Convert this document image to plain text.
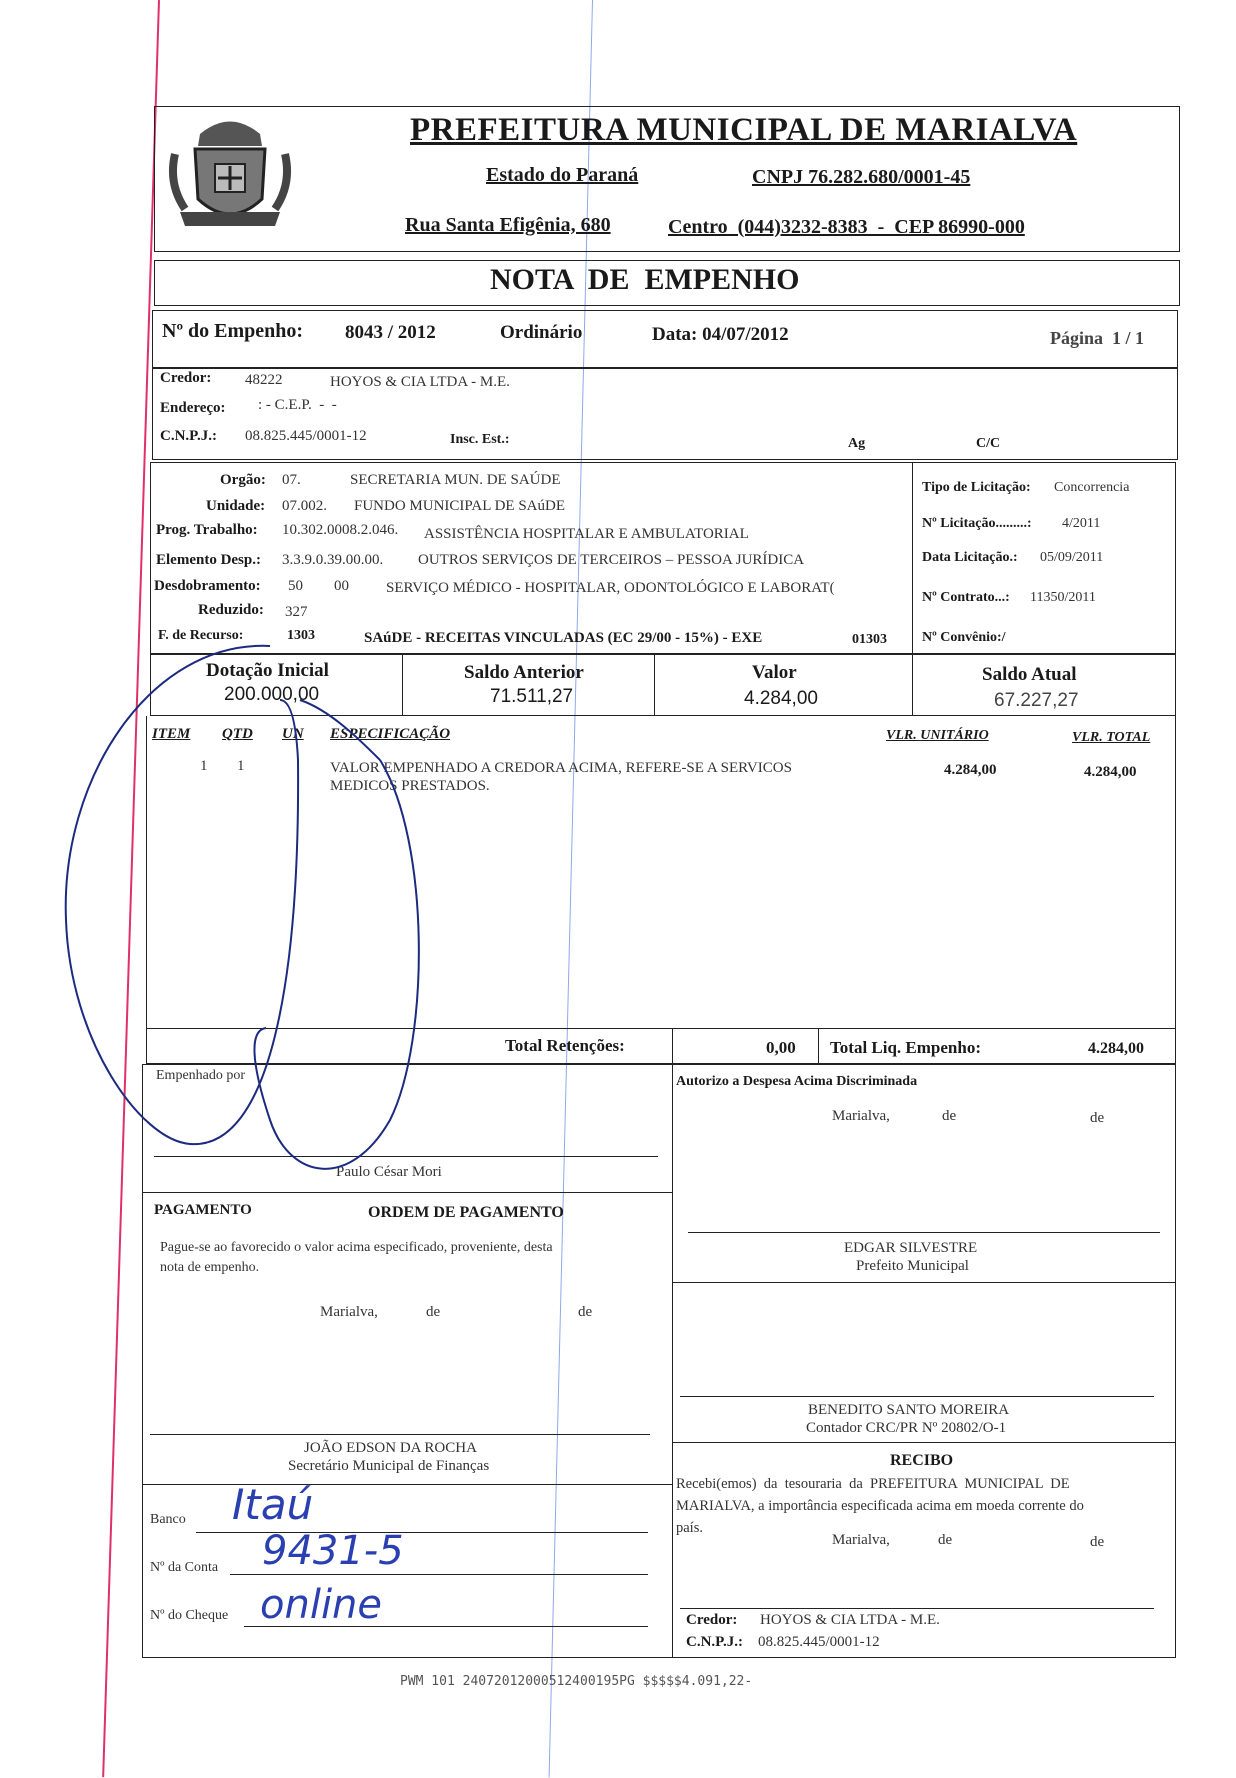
PREFEITURA MUNICIPAL DE MARIALVA
Estado do Paraná	CNPJ 76.282.680/0001-45
Rua Santa Efigênia, 680	Centro  (044)3232-8383  -  CEP 86990-000
NOTA  DE  EMPENHO
Nº do Empenho: 8043 / 2012	Ordinário	Data: 04/07/2012	Página  1 / 1
Credor: 48222	HOYOS & CIA LTDA - M.E.
Endereço: : - C.E.P.  -  -
C.N.P.J.: 08.825.445/0001-12	Insc. Est.:	Ag	C/C
Orgão: 07.	SECRETARIA MUN. DE SAÚDE
Unidade: 07.002. FUNDO MUNICIPAL DE SAúDE
Prog. Trabalho: 10.302.0008.2.046. ASSISTÊNCIA HOSPITALAR E AMBULATORIAL
Elemento Desp.: 3.3.9.0.39.00.00. OUTROS SERVIÇOS DE TERCEIROS – PESSOA JURÍDICA
Desdobramento: 50 00 SERVIÇO MÉDICO - HOSPITALAR, ODONTOLÓGICO E LABORAT(
Reduzido: 327
F. de Recurso:	1303	SAúDE - RECEITAS VINCULADAS (EC 29/00 - 15%) - EXE	01303
Tipo de Licitação: Concorrencia
Nº Licitação.........: 4/2011
Data Licitação.: 05/09/2011
Nº Contrato...: 11350/2011
Nº Convênio:/
Dotação Inicial
200.000,00
Saldo Anterior
71.511,27
Valor
4.284,00
Saldo Atual
67.227,27
ITEM QTD UN ESPECIFICAÇÃO	VLR. UNITÁRIO	VLR. TOTAL
1 1	VALOR EMPENHADO A CREDORA ACIMA, REFERE-SE A SERVICOS
MEDICOS PRESTADOS.
4.284,00	4.284,00
Total Retenções:	0,00 Total Liq. Empenho:	4.284,00
Empenhado por
Paulo César Mori
Autorizo a Despesa Acima Discriminada
Marialva,	de	de
EDGAR SILVESTRE
Prefeito Municipal
PAGAMENTO	ORDEM DE PAGAMENTO
Pague-se ao favorecido o valor acima especificado, proveniente, desta
nota de empenho.
Marialva,	de	de
BENEDITO SANTO MOREIRA
Contador CRC/PR Nº 20802/O-1
JOÃO EDSON DA ROCHA
Secretário Municipal de Finanças	RECIBO
Recebi(emos)  da  tesouraria  da  PREFEITURA  MUNICIPAL  DE
MARIALVA, a importância especificada acima em moeda corrente do
país.
Marialva,	de	de
Credor: HOYOS & CIA LTDA - M.E.
C.N.P.J.: 08.825.445/0001-12
Banco Itaú
Nº da Conta 9431-5
Nº do Cheque online
PWM 101 24072012000512400195PG $$$$$4.091,22-
